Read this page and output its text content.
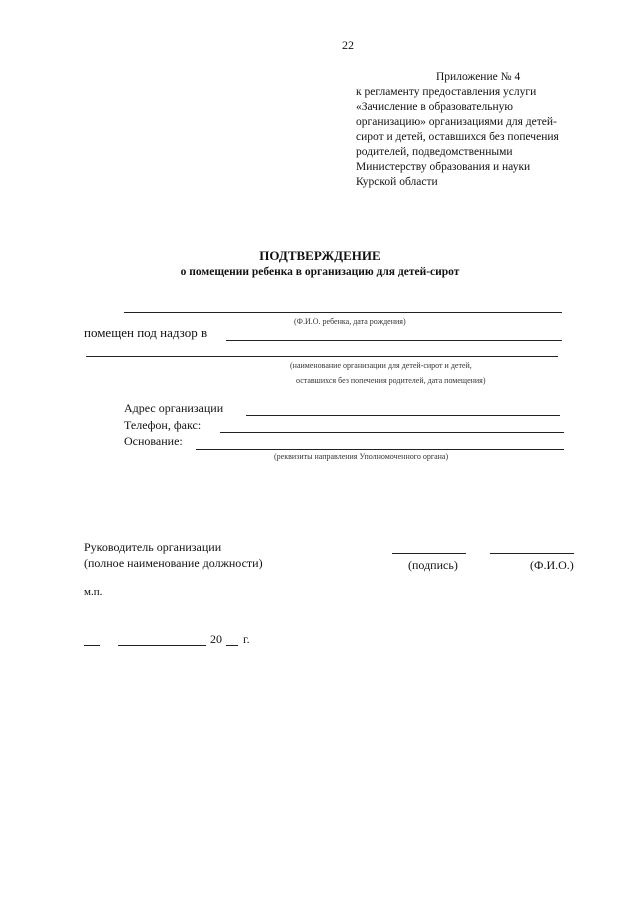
22
Приложение № 4
к регламенту предоставления услуги
«Зачисление в образовательную
организацию» организациями для детей-
сирот и детей, оставшихся без попечения
родителей, подведомственными
Министерству образования и науки
Курской области
ПОДТВЕРЖДЕНИЕ
о помещении ребенка в организацию для детей-сирот
(Ф.И.О. ребенка, дата рождения)
помещен под надзор в
(наименование организации для детей-сирот и детей,
оставшихся без попечения родителей, дата помещения)
Адрес организации
Телефон, факс:
Основание:
(реквизиты направления Уполномоченного органа)
Руководитель организации
(полное наименование должности)	(подпись)	(Ф.И.О.)
м.п.
20 г.
